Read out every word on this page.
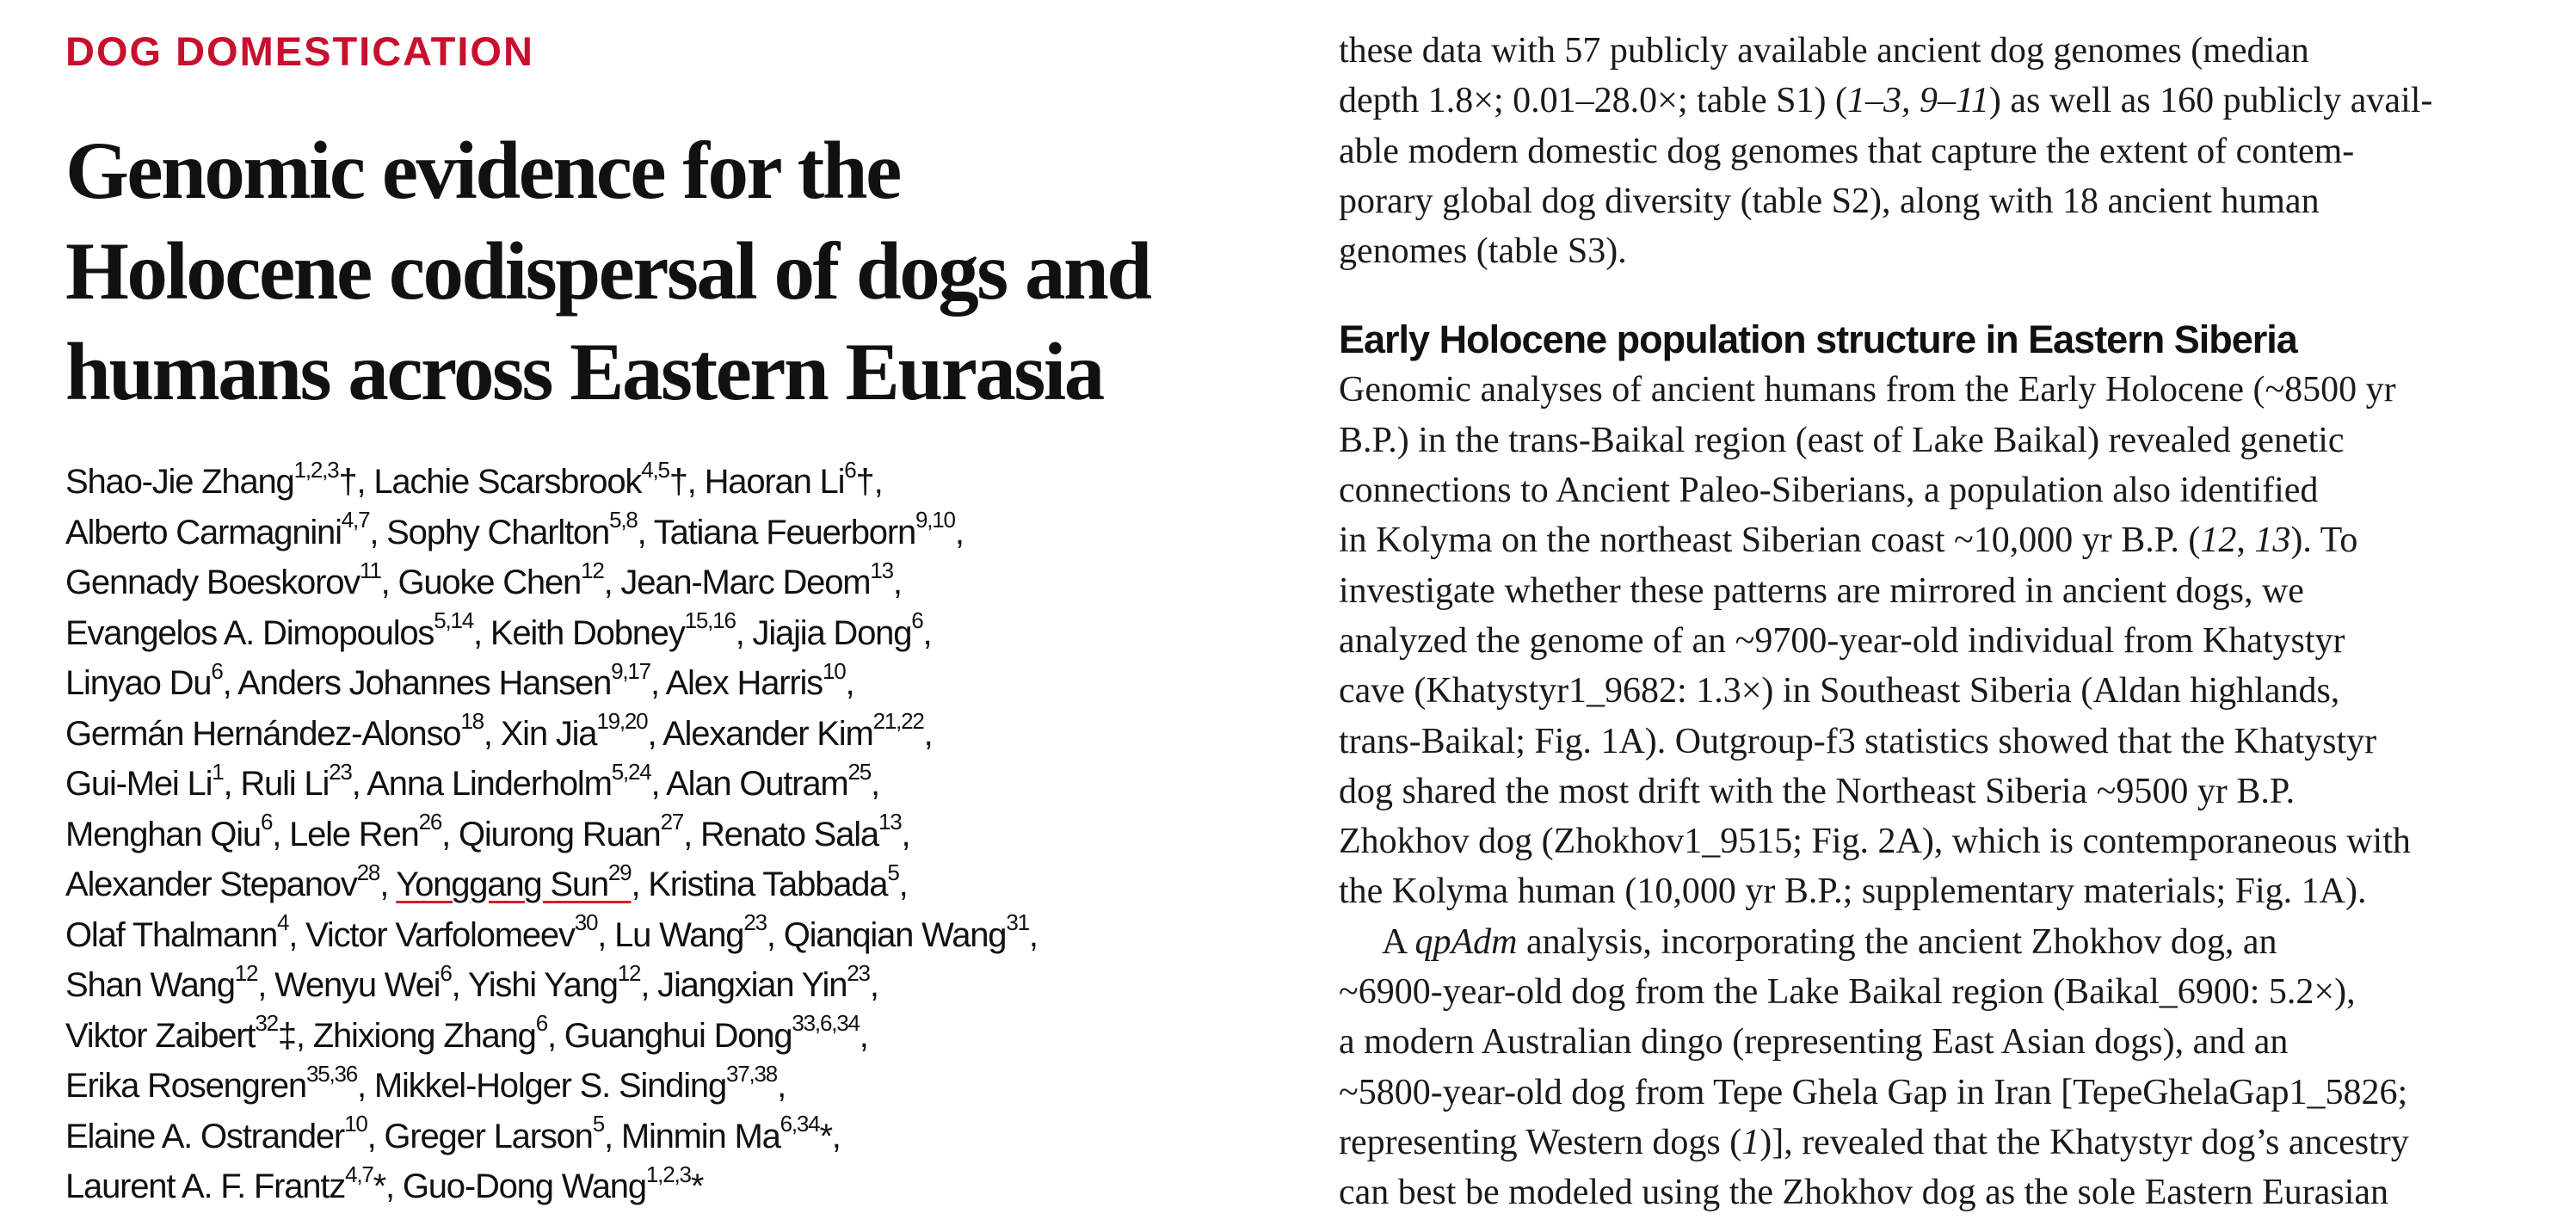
DOG DOMESTICATION
Genomic evidence for the
Holocene codispersal of dogs and
humans across Eastern Eurasia
Shao-Jie Zhang$^{1,2,3}$†, Lachie Scarsbrook$^{4,5}$†, Haoran Li$^6$†,
Alberto Carmagnini$^{4,7}$, Sophy Charlton$^{5,8}$, Tatiana Feuerborn$^{9,10}$,
Gennady Boeskorov$^{11}$, Guoke Chen$^{12}$, Jean-Marc Deom$^{13}$,
Evangelos A. Dimopoulos$^{5,14}$, Keith Dobney$^{15,16}$, Jiajia Dong$^6$,
Linyao Du$^6$, Anders Johannes Hansen$^{9,17}$, Alex Harris$^{10}$,
Germán Hernández-Alonso$^{18}$, Xin Jia$^{19,20}$, Alexander Kim$^{21,22}$,
Gui-Mei Li$^1$, Ruli Li$^{23}$, Anna Linderholm$^{5,24}$, Alan Outram$^{25}$,
Menghan Qiu$^6$, Lele Ren$^{26}$, Qiurong Ruan$^{27}$, Renato Sala$^{13}$,
Alexander Stepanov$^{28}$, Yonggang Sun$^{29}$, Kristina Tabbada$^5$,
Olaf Thalmann$^4$, Victor Varfolomeev$^{30}$, Lu Wang$^{23}$, Qianqian Wang$^{31}$,
Shan Wang$^{12}$, Wenyu Wei$^6$, Yishi Yang$^{12}$, Jiangxian Yin$^{23}$,
Viktor Zaibert$^{32}$‡, Zhixiong Zhang$^6$, Guanghui Dong$^{33,6,34}$,
Erika Rosengren$^{35,36}$, Mikkel-Holger S. Sinding$^{37,38}$,
Elaine A. Ostrander$^{10}$, Greger Larson$^5$, Minmin Ma$^{6,34}$*,
Laurent A. F. Frantz$^{4,7}$*, Guo-Dong Wang$^{1,2,3}$*
these data with 57 publicly available ancient dog genomes (median
depth 1.8×; 0.01–28.0×; table S1) (1–3, 9–11) as well as 160 publicly avail-
able modern domestic dog genomes that capture the extent of contem-
porary global dog diversity (table S2), along with 18 ancient human
genomes (table S3).
Early Holocene population structure in Eastern Siberia
Genomic analyses of ancient humans from the Early Holocene (~8500 yr
B.P.) in the trans-Baikal region (east of Lake Baikal) revealed genetic
connections to Ancient Paleo-Siberians, a population also identified
in Kolyma on the northeast Siberian coast ~10,000 yr B.P. (12, 13). To
investigate whether these patterns are mirrored in ancient dogs, we
analyzed the genome of an ~9700-year-old individual from Khatystyr
cave (Khatystyr1_9682: 1.3×) in Southeast Siberia (Aldan highlands,
trans-Baikal; Fig. 1A). Outgroup-f3 statistics showed that the Khatystyr
dog shared the most drift with the Northeast Siberia ~9500 yr B.P.
Zhokhov dog (Zhokhov1_9515; Fig. 2A), which is contemporaneous with
the Kolyma human (10,000 yr B.P.; supplementary materials; Fig. 1A).
A qpAdm analysis, incorporating the ancient Zhokhov dog, an
~6900-year-old dog from the Lake Baikal region (Baikal_6900: 5.2×),
a modern Australian dingo (representing East Asian dogs), and an
~5800-year-old dog from Tepe Ghela Gap in Iran [TepeGhelaGap1_5826;
representing Western dogs (1)], revealed that the Khatystyr dog’s ancestry
can best be modeled using the Zhokhov dog as the sole Eastern Eurasian
